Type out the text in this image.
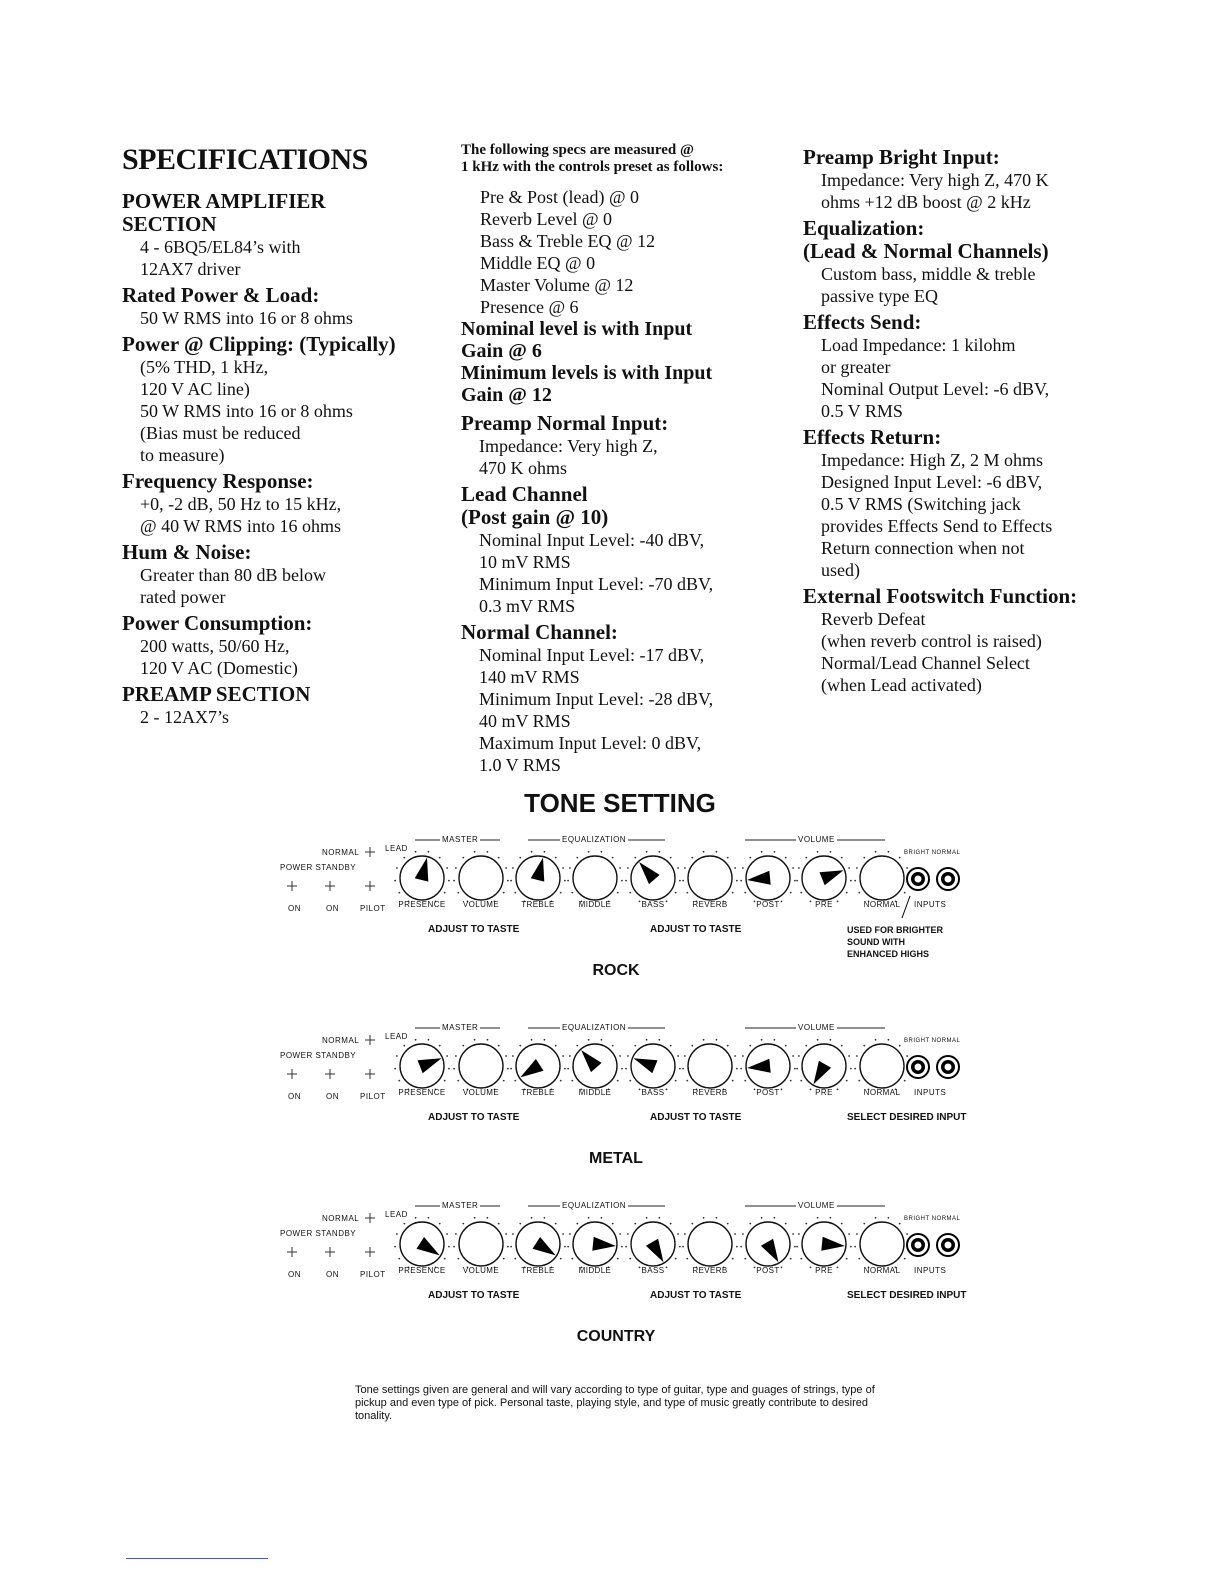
SPECIFICATIONS
POWER AMPLIFIER
SECTION
4 - 6BQ5/EL84’s with
12AX7 driver
Rated Power & Load:
50 W RMS into 16 or 8 ohms
Power @ Clipping: (Typically)
(5% THD, 1 kHz,
120 V AC line)
50 W RMS into 16 or 8 ohms
(Bias must be reduced
to measure)
Frequency Response:
+0, -2 dB, 50 Hz to 15 kHz,
@ 40 W RMS into 16 ohms
Hum & Noise:
Greater than 80 dB below
rated power
Power Consumption:
200 watts, 50/60 Hz,
120 V AC (Domestic)
PREAMP SECTION
2 - 12AX7’s
The following specs are measured @
1 kHz with the controls preset as follows:
Pre & Post (lead) @ 0
Reverb Level @ 0
Bass & Treble EQ @ 12
Middle EQ @ 0
Master Volume @ 12
Presence @ 6
Nominal level is with Input
Gain @ 6
Minimum levels is with Input
Gain @ 12
Preamp Normal Input:
Impedance: Very high Z,
470 K ohms
Lead Channel
(Post gain @ 10)
Nominal Input Level: -40 dBV,
10 mV RMS
Minimum Input Level: -70 dBV,
0.3 mV RMS
Normal Channel:
Nominal Input Level: -17 dBV,
140 mV RMS
Minimum Input Level: -28 dBV,
40 mV RMS
Maximum Input Level: 0 dBV,
1.0 V RMS
Preamp Bright Input:
Impedance: Very high Z, 470 K
ohms +12 dB boost @ 2 kHz
Equalization:
(Lead & Normal Channels)
Custom bass, middle & treble
passive type EQ
Effects Send:
Load Impedance: 1 kilohm
or greater
Nominal Output Level: -6 dBV,
0.5 V RMS
Effects Return:
Impedance: High Z, 2 M ohms
Designed Input Level: -6 dBV,
0.5 V RMS (Switching jack
provides Effects Send to Effects
Return connection when not
used)
External Footswitch Function:
Reverb Defeat
(when reverb control is raised)
Normal/Lead Channel Select
(when Lead activated)
TONE SETTING
NORMAL
POWER STANDBY
LEAD
ON	ON	PILOT
MASTER	EQUALIZATION	VOLUME
BRIGHT NORMAL
INPUTS
PRESENCE	VOLUME	TREBLE	MIDDLE	BASS	REVERB	POST	PRE	NORMAL
ADJUST TO TASTE	ADJUST TO TASTE	USED FOR BRIGHTER
SOUND WITH
ENHANCED HIGHS
ROCK
NORMAL
POWER STANDBY
LEAD
ON	ON	PILOT
MASTER	EQUALIZATION	VOLUME
BRIGHT NORMAL
INPUTS
PRESENCE	VOLUME	TREBLE	MIDDLE	BASS	REVERB	POST	PRE	NORMAL
ADJUST TO TASTE	ADJUST TO TASTE	SELECT DESIRED INPUT
METAL
NORMAL
POWER STANDBY
LEAD
ON	ON	PILOT
MASTER	EQUALIZATION	VOLUME
BRIGHT NORMAL
INPUTS
PRESENCE	VOLUME	TREBLE	MIDDLE	BASS	REVERB	POST	PRE	NORMAL
ADJUST TO TASTE	ADJUST TO TASTE	SELECT DESIRED INPUT
COUNTRY
Tone settings given are general and will vary according to type of guitar, type and guages of strings, type of pickup and even type of pick. Personal taste, playing style, and type of music greatly contribute to desired tonality.
